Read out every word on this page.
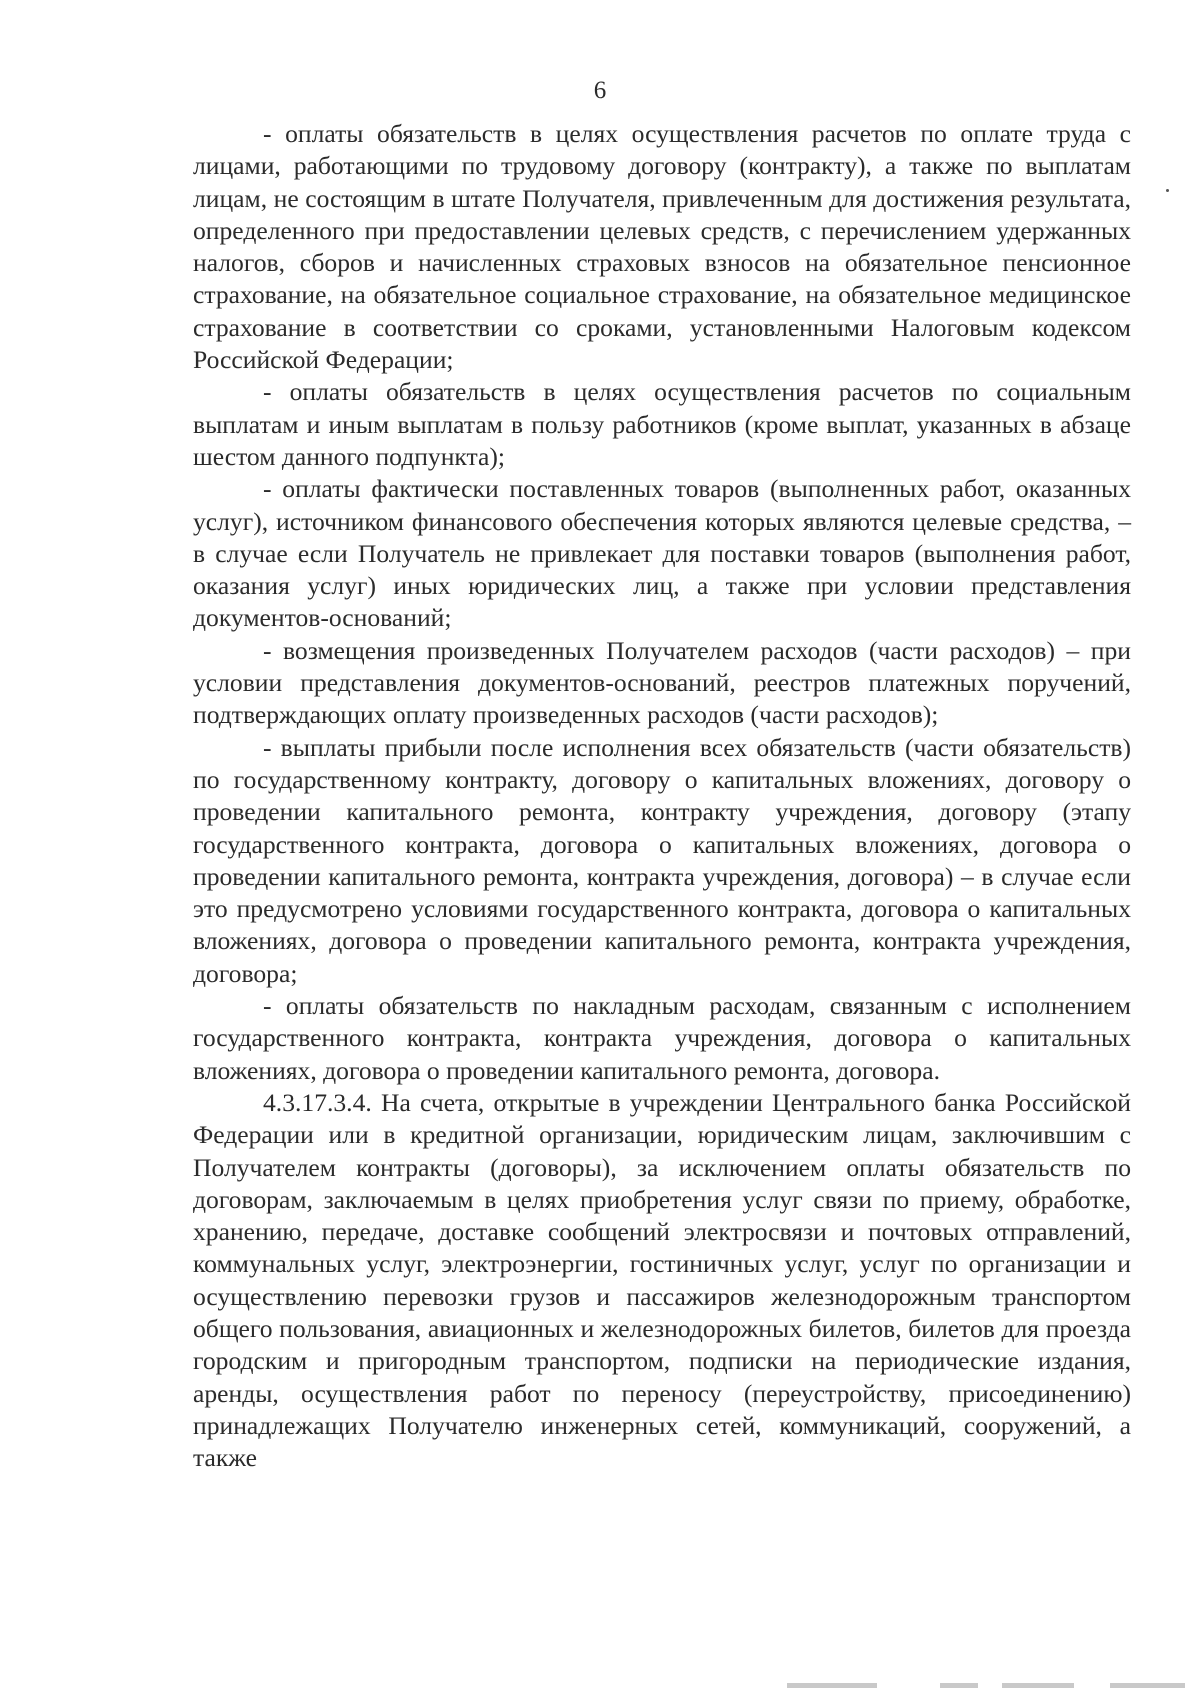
6

- оплаты обязательств в целях осуществления расчетов по оплате труда с лицами, работающими по трудовому договору (контракту), а также по выплатам лицам, не состоящим в штате Получателя, привлеченным для достижения результата, определенного при предоставлении целевых средств, с перечислением удержанных налогов, сборов и начисленных страховых взносов на обязательное пенсионное страхование, на обязательное социальное страхование, на обязательное медицинское страхование в соответствии со сроками, установленными Налоговым кодексом Российской Федерации;

- оплаты обязательств в целях осуществления расчетов по социальным выплатам и иным выплатам в пользу работников (кроме выплат, указанных в абзаце шестом данного подпункта);

- оплаты фактически поставленных товаров (выполненных работ, оказанных услуг), источником финансового обеспечения которых являются целевые средства, – в случае если Получатель не привлекает для поставки товаров (выполнения работ, оказания услуг) иных юридических лиц, а также при условии представления документов-оснований;

- возмещения произведенных Получателем расходов (части расходов) – при условии представления документов-оснований, реестров платежных поручений, подтверждающих оплату произведенных расходов (части расходов);

- выплаты прибыли после исполнения всех обязательств (части обязательств) по государственному контракту, договору о капитальных вложениях, договору о проведении капитального ремонта, контракту учреждения, договору (этапу государственного контракта, договора о капитальных вложениях, договора о проведении капитального ремонта, контракта учреждения, договора) – в случае если это предусмотрено условиями государственного контракта, договора о капитальных вложениях, договора о проведении капитального ремонта, контракта учреждения, договора;

- оплаты обязательств по накладным расходам, связанным с исполнением государственного контракта, контракта учреждения, договора о капитальных вложениях, договора о проведении капитального ремонта, договора.

4.3.17.3.4. На счета, открытые в учреждении Центрального банка Российской Федерации или в кредитной организации, юридическим лицам, заключившим с Получателем контракты (договоры), за исключением оплаты обязательств по договорам, заключаемым в целях приобретения услуг связи по приему, обработке, хранению, передаче, доставке сообщений электросвязи и почтовых отправлений, коммунальных услуг, электроэнергии, гостиничных услуг, услуг по организации и осуществлению перевозки грузов и пассажиров железнодорожным транспортом общего пользования, авиационных и железнодорожных билетов, билетов для проезда городским и пригородным транспортом, подписки на периодические издания, аренды, осуществления работ по переносу (переустройству, присоединению) принадлежащих Получателю инженерных сетей, коммуникаций, сооружений, а также
